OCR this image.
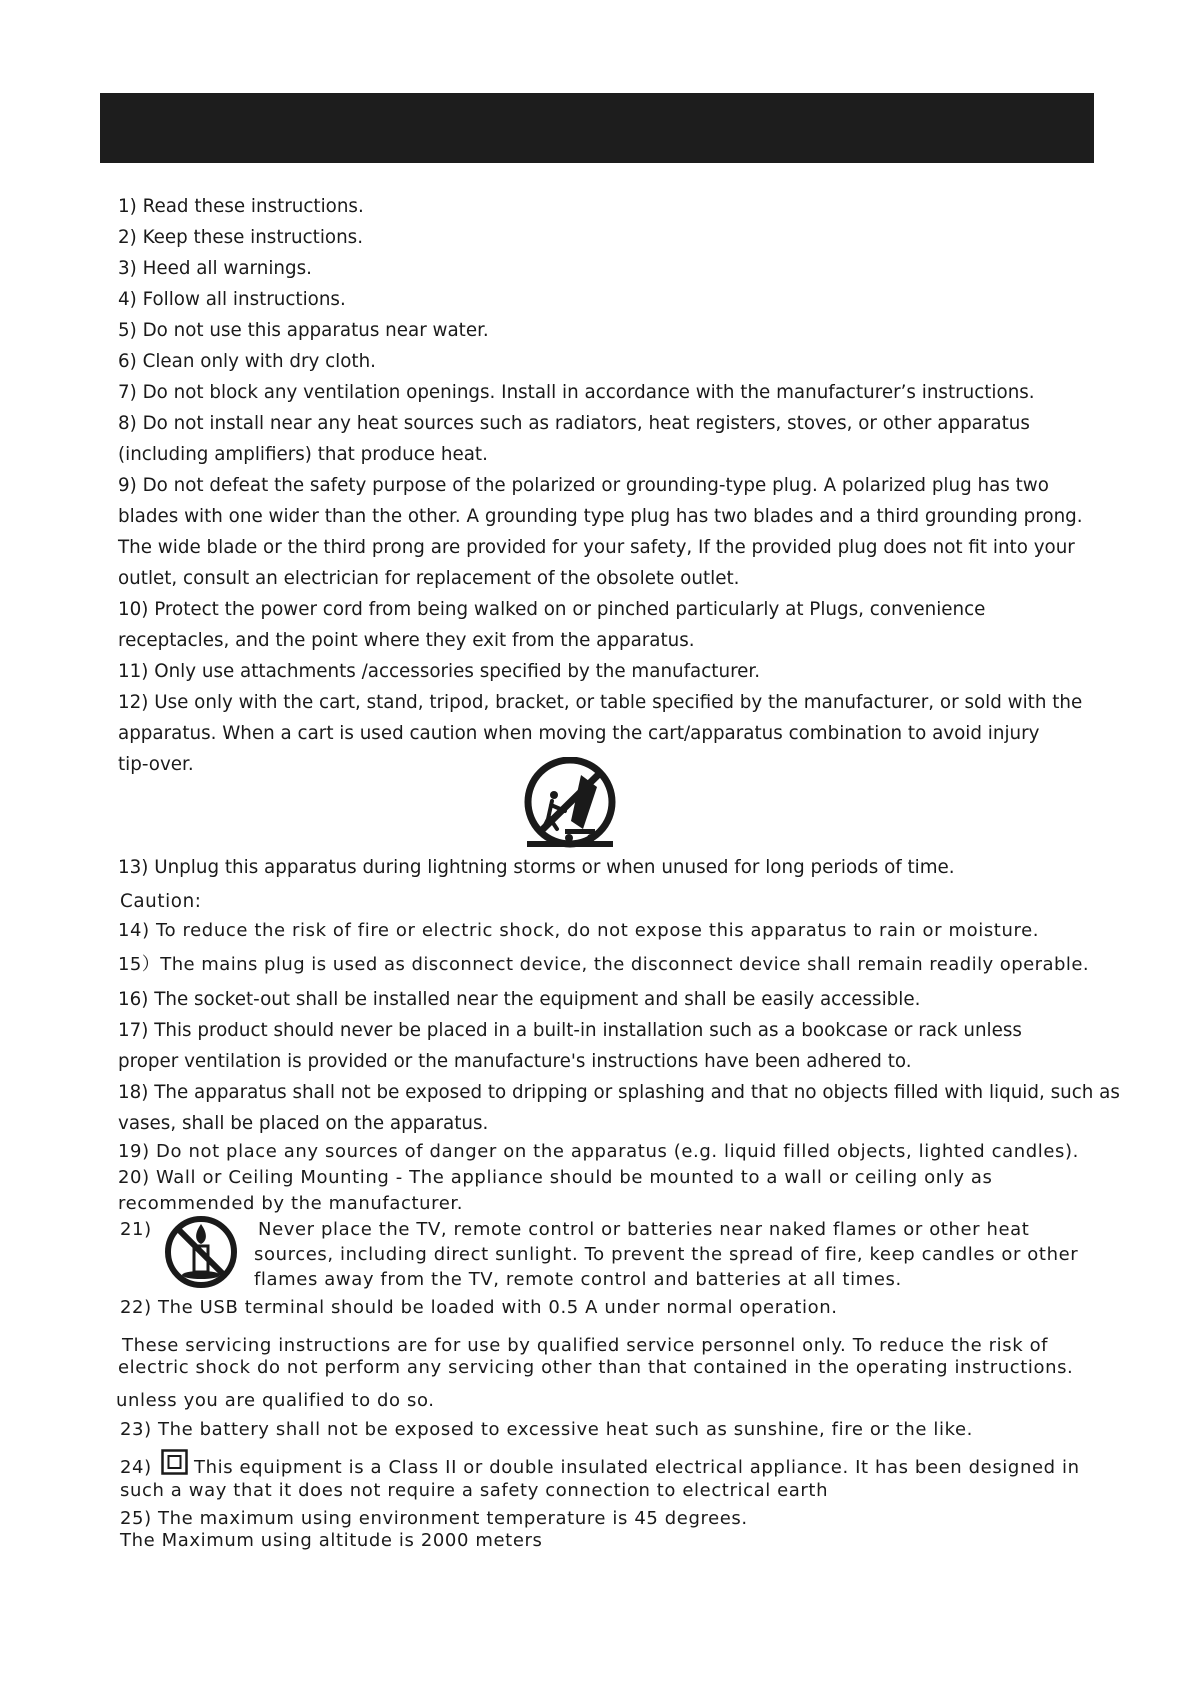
1) Read these instructions.

2) Keep these instructions.

3) Heed all warnings.

4) Follow all instructions.

5) Do not use this apparatus near water.

6) Clean only with dry cloth.

7) Do not block any ventilation openings. Install in accordance with the manufacturer’s instructions.

8) Do not install near any heat sources such as radiators, heat registers, stoves, or other apparatus

(including amplifiers) that produce heat.

9) Do not defeat the safety purpose of the polarized or grounding-type plug. A polarized plug has two

blades with one wider than the other. A grounding type plug has two blades and a third grounding prong.

The wide blade or the third prong are provided for your safety, If the provided plug does not fit into your

outlet, consult an electrician for replacement of the obsolete outlet.

10) Protect the power cord from being walked on or pinched particularly at Plugs, convenience

receptacles, and the point where they exit from the apparatus.

11) Only use attachments /accessories specified by the manufacturer.

12) Use only with the cart, stand, tripod, bracket, or table specified by the manufacturer, or sold with the

apparatus. When a cart is used caution when moving the cart/apparatus combination to avoid injury

tip-over.

13) Unplug this apparatus during lightning storms or when unused for long periods of time.

Caution:

14) To reduce the risk of fire or electric shock, do not expose this apparatus to rain or moisture.

15）The mains plug is used as disconnect device, the disconnect device shall remain readily operable.

16) The socket-out shall be installed near the equipment and shall be easily accessible.

17) This product should never be placed in a built-in installation such as a bookcase or rack unless

proper ventilation is provided or the manufacture's instructions have been adhered to.

18) The apparatus shall not be exposed to dripping or splashing and that no objects filled with liquid, such as

vases, shall be placed on the apparatus.

19) Do not place any sources of danger on the apparatus (e.g. liquid filled objects, lighted candles).

20) Wall or Ceiling Mounting - The appliance should be mounted to a wall or ceiling only as

recommended by the manufacturer.

21)	Never place the TV, remote control or batteries near naked flames or other heat

sources, including direct sunlight. To prevent the spread of fire, keep candles or other

flames away from the TV, remote control and batteries at all times.

22) The USB terminal should be loaded with 0.5 A under normal operation.

These servicing instructions are for use by qualified service personnel only. To reduce the risk of

electric shock do not perform any servicing other than that contained in the operating instructions.

unless you are qualified to do so.

23) The battery shall not be exposed to excessive heat such as sunshine, fire or the like.

24) This equipment is a Class II or double insulated electrical appliance. It has been designed in

such a way that it does not require a safety connection to electrical earth

25) The maximum using environment temperature is 45 degrees.

The Maximum using altitude is 2000 meters
